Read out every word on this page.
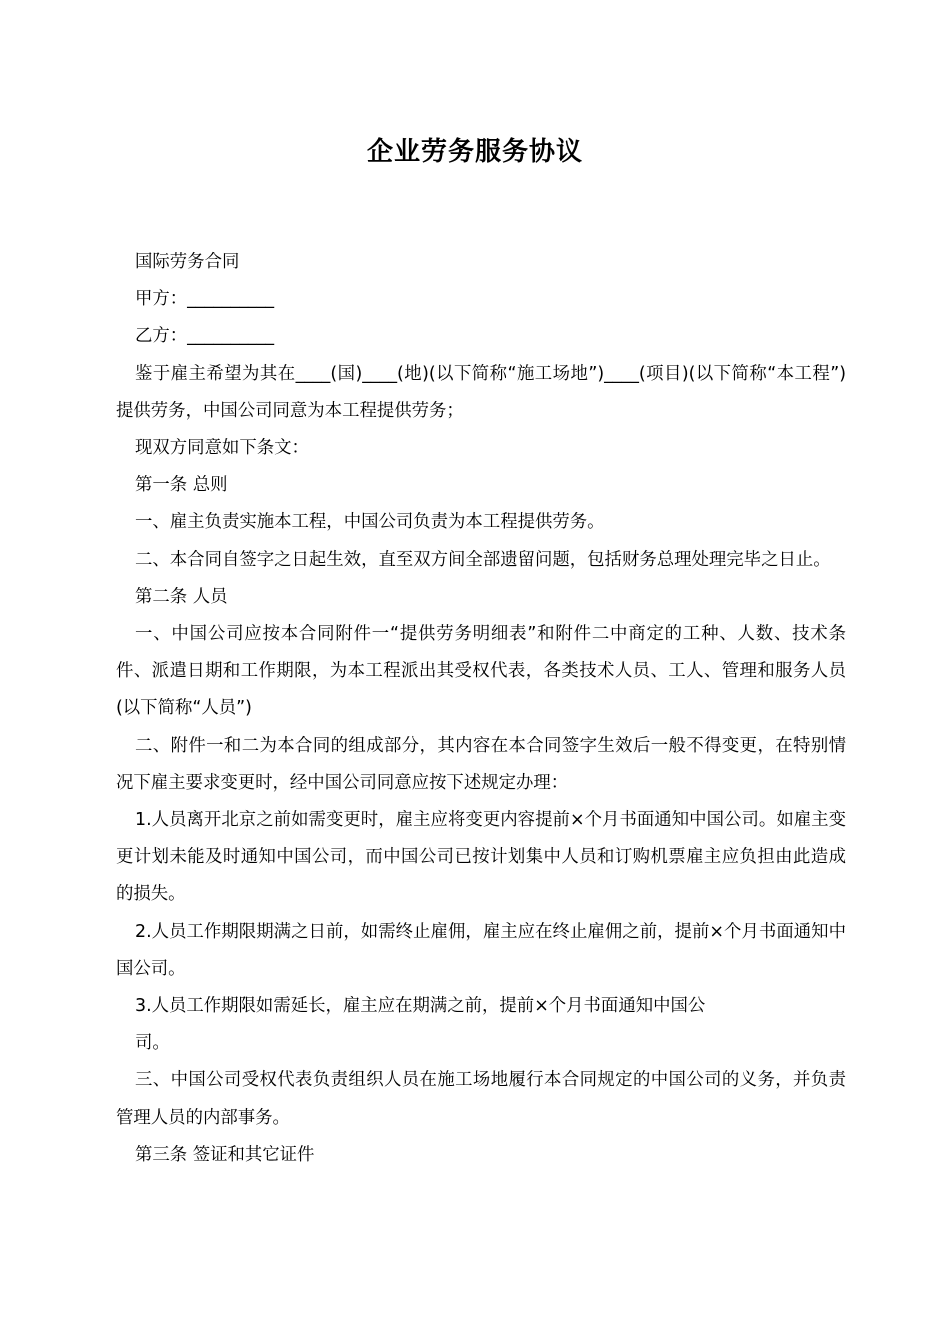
企业劳务服务协议

国际劳务合同

甲方：__________

乙方：__________

鉴于雇主希望为其在____(国)____(地)(以下简称“施工场地”)____(项目)(以下简称“本工程”)提供劳务，中国公司同意为本工程提供劳务；

现双方同意如下条文：

第一条 总则

一、雇主负责实施本工程，中国公司负责为本工程提供劳务。

二、本合同自签字之日起生效，直至双方间全部遗留问题，包括财务总理处理完毕之日止。

第二条 人员

一、中国公司应按本合同附件一“提供劳务明细表”和附件二中商定的工种、人数、技术条件、派遣日期和工作期限，为本工程派出其受权代表，各类技术人员、工人、管理和服务人员(以下简称“人员”)

二、附件一和二为本合同的组成部分，其内容在本合同签字生效后一般不得变更，在特别情况下雇主要求变更时，经中国公司同意应按下述规定办理：

1.人员离开北京之前如需变更时，雇主应将变更内容提前×个月书面通知中国公司。如雇主变更计划未能及时通知中国公司，而中国公司已按计划集中人员和订购机票雇主应负担由此造成的损失。

2.人员工作期限期满之日前，如需终止雇佣，雇主应在终止雇佣之前，提前×个月书面通知中国公司。

3.人员工作期限如需延长，雇主应在期满之前，提前×个月书面通知中国公

司。

三、中国公司受权代表负责组织人员在施工场地履行本合同规定的中国公司的义务，并负责管理人员的内部事务。

第三条 签证和其它证件
